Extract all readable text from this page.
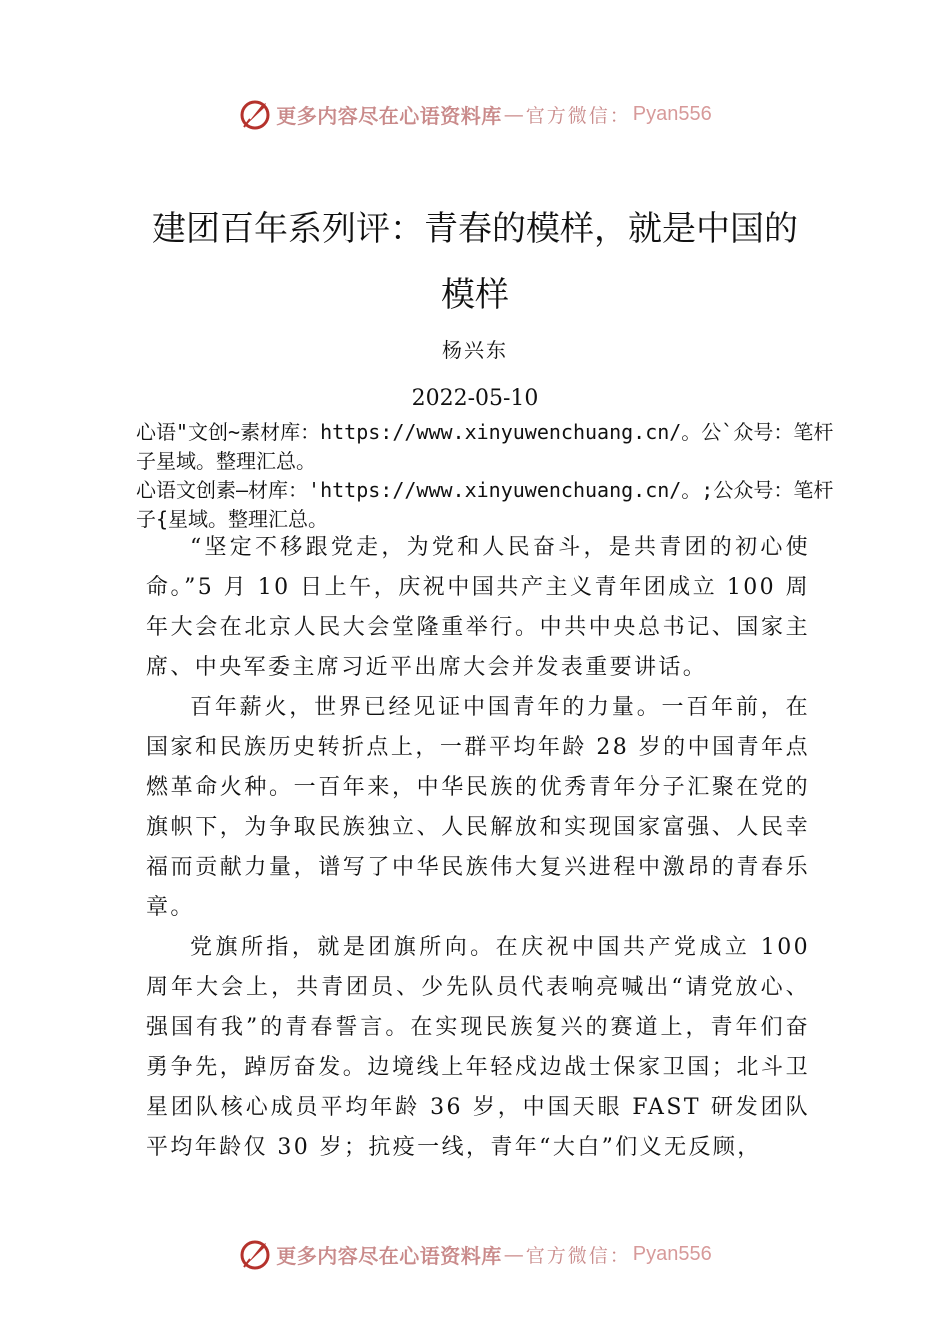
更多内容尽在心语资料库 — 官方微信： Pyan556
建团百年系列评：青春的模样，就是中国的模样
杨兴东
2022-05-10

心语"文创~素材库：https://www.xinyuwenchuang.cn/。公`众号：笔杆子星域。整理汇总。

心语文创素—材库：'https://www.xinyuwenchuang.cn/。;公众号：笔杆子{星域。整理汇总。

“坚定不移跟党走，为党和人民奋斗，是共青团的初心使命。”5 月 10 日上午，庆祝中国共产主义青年团成立 100 周年大会在北京人民大会堂隆重举行。中共中央总书记、国家主席、中央军委主席习近平出席大会并发表重要讲话。

百年薪火，世界已经见证中国青年的力量。一百年前，在国家和民族历史转折点上，一群平均年龄 28 岁的中国青年点燃革命火种。一百年来，中华民族的优秀青年分子汇聚在党的旗帜下，为争取民族独立、人民解放和实现国家富强、人民幸福而贡献力量，谱写了中华民族伟大复兴进程中激昂的青春乐章。

党旗所指，就是团旗所向。在庆祝中国共产党成立 100 周年大会上，共青团员、少先队员代表响亮喊出“请党放心、强国有我”的青春誓言。在实现民族复兴的赛道上，青年们奋勇争先，踔厉奋发。边境线上年轻戍边战士保家卫国；北斗卫星团队核心成员平均年龄 36 岁，中国天眼 FAST 研发团队平均年龄仅 30 岁；抗疫一线，青年“大白”们义无反顾，

更多内容尽在心语资料库 — 官方微信： Pyan556
